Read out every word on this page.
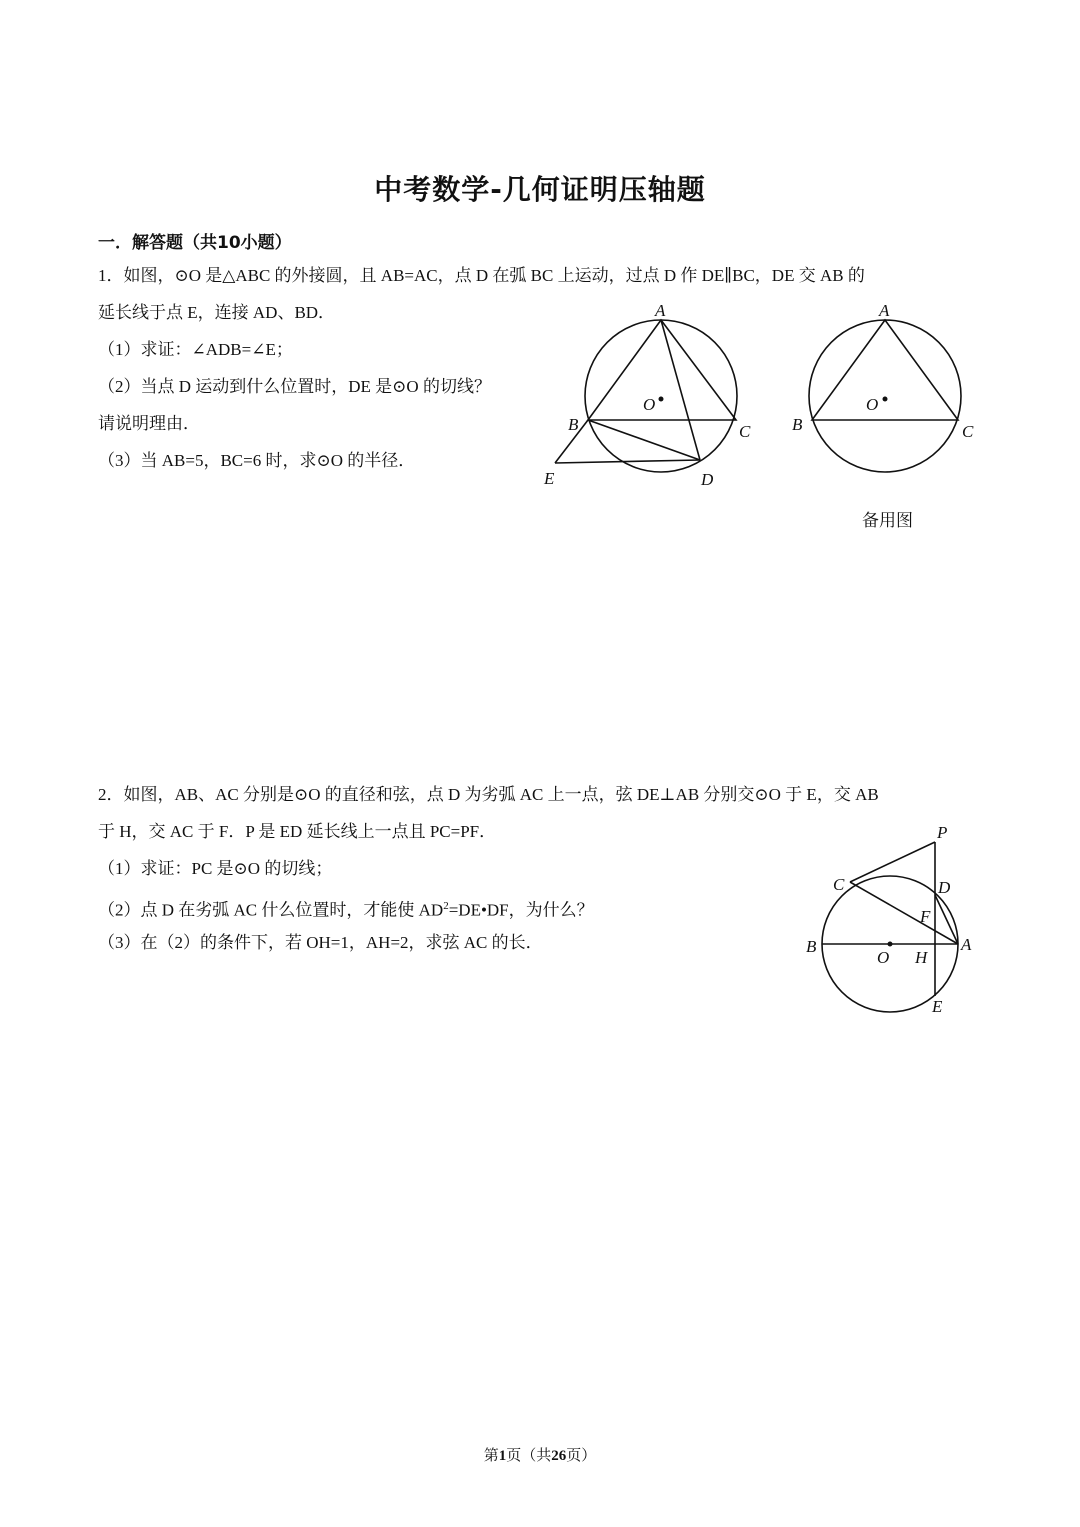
中考数学-几何证明压轴题
一．解答题（共10小题）
1．如图，⊙O 是△ABC 的外接圆，且 AB=AC，点 D 在弧 BC 上运动，过点 D 作 DE∥BC，DE 交 AB 的
延长线于点 E，连接 AD、BD．
（1）求证：∠ADB=∠E；
（2）当点 D 运动到什么位置时，DE 是⊙O 的切线？
请说明理由．
（3）当 AB=5，BC=6 时，求⊙O 的半径．
A
B	C
D
E
O
A
B	C
O
备用图
2．如图，AB、AC 分别是⊙O 的直径和弦，点 D 为劣弧 AC 上一点，弦 DE⊥AB 分别交⊙O 于 E，交 AB
于 H，交 AC 于 F．P 是 ED 延长线上一点且 PC=PF．
（1）求证：PC 是⊙O 的切线；
（2）点 D 在劣弧 AC 什么位置时，才能使 $AD^2=DE•DF$，为什么？
（3）在（2）的条件下，若 OH=1，AH=2，求弦 AC 的长．
P
C	D
F
B
O H
A
E
第1页（共26页）
